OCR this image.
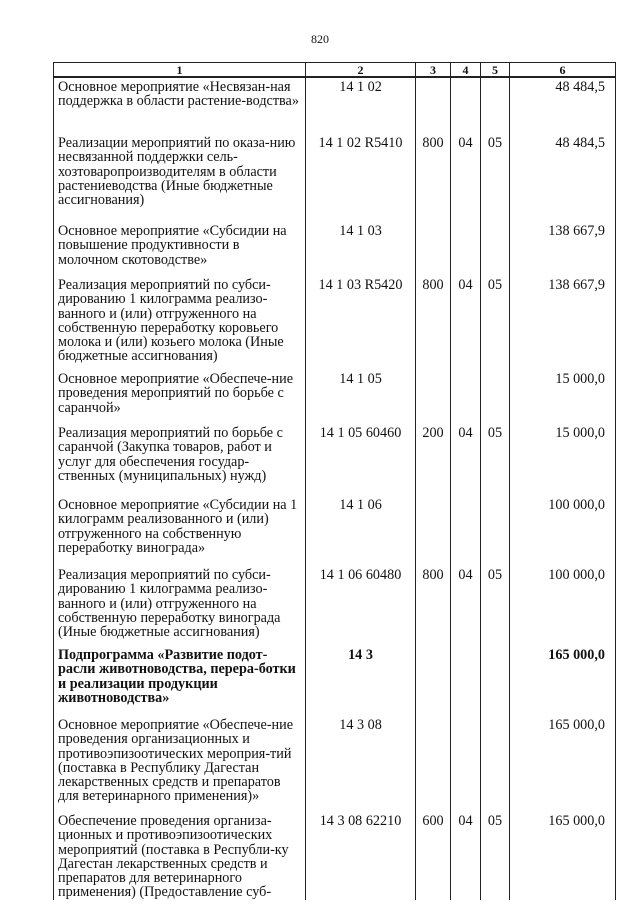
820
1	2	3	4	5	6
Основное мероприятие «Несвязан-ная поддержка в области растение-водства»	14 1 02				48 484,5
Реализации мероприятий по оказа-нию несвязанной поддержки сель-хозтоваропроизводителям в области растениеводства (Иные бюджетные ассигнования)	14 1 02 R5410	800	04	05	48 484,5
Основное мероприятие «Субсидии на повышение продуктивности в молочном скотоводстве»	14 1 03				138 667,9
Реализация мероприятий по субси-дированию 1 килограмма реализо-ванного и (или) отгруженного на собственную переработку коровьего молока и (или) козьего молока (Иные бюджетные ассигнования)	14 1 03 R5420	800	04	05	138 667,9
Основное мероприятие «Обеспече-ние проведения мероприятий по борьбе с саранчой»	14 1 05				15 000,0
Реализация мероприятий по борьбе с саранчой (Закупка товаров, работ и услуг для обеспечения государ-ственных (муниципальных) нужд)	14 1 05 60460	200	04	05	15 000,0
Основное мероприятие «Субсидии на 1 килограмм реализованного и (или) отгруженного на собственную переработку винограда»	14 1 06				100 000,0
Реализация мероприятий по субси-дированию 1 килограмма реализо-ванного и (или) отгруженного на собственную переработку винограда (Иные бюджетные ассигнования)	14 1 06 60480	800	04	05	100 000,0
Подпрограмма «Развитие подот-расли животноводства, перера-ботки и реализации продукции животноводства»	14 3				165 000,0
Основное мероприятие «Обеспече-ние проведения организационных и противоэпизоотических мероприя-тий (поставка в Республику Дагестан лекарственных средств и препаратов для ветеринарного применения)»	14 3 08				165 000,0
Обеспечение проведения организа-ционных и противоэпизоотических мероприятий (поставка в Республи-ку Дагестан лекарственных средств и препаратов для ветеринарного применения) (Предоставление суб-	14 3 08 62210	600	04	05	165 000,0
